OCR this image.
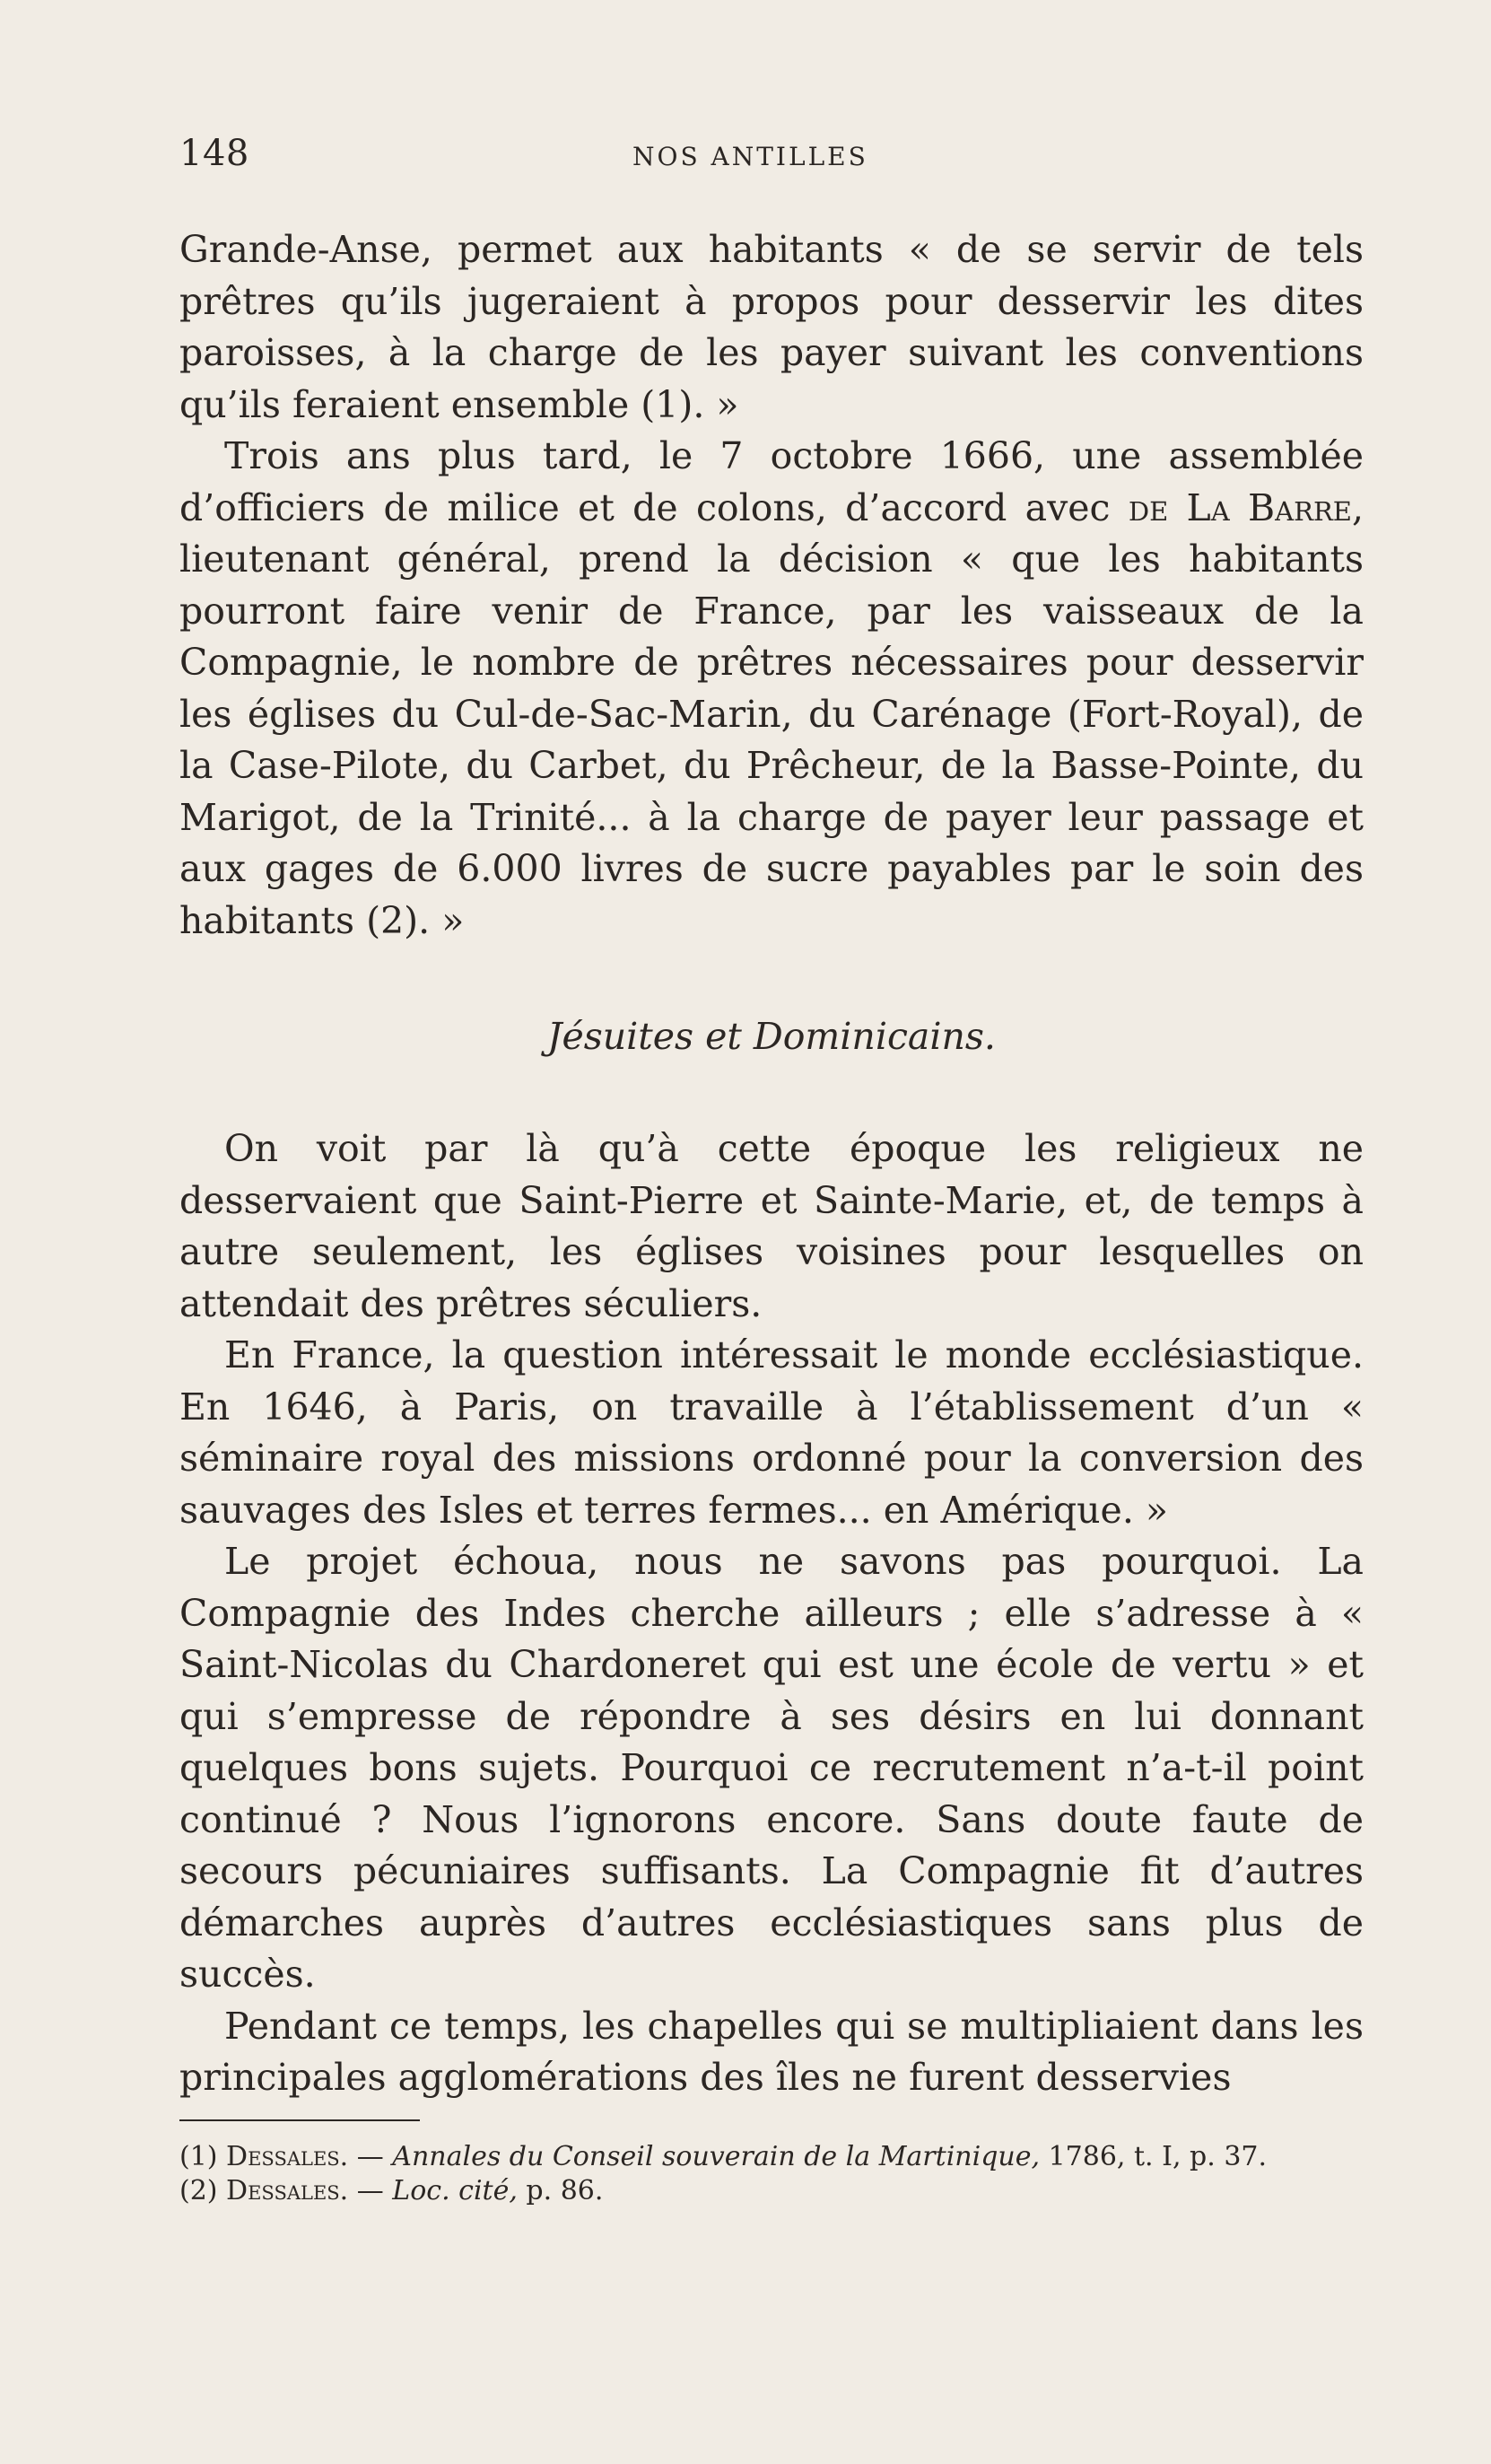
148	NOS ANTILLES

Grande-Anse, permet aux habitants « de se servir de tels prêtres qu’ils jugeraient à propos pour desservir les dites paroisses, à la charge de les payer suivant les conventions qu’ils feraient ensemble (1). »

Trois ans plus tard, le 7 octobre 1666, une assemblée d’officiers de milice et de colons, d’accord avec de La Barre, lieutenant général, prend la décision « que les habitants pourront faire venir de France, par les vaisseaux de la Compagnie, le nombre de prêtres nécessaires pour desservir les églises du Cul-de-Sac-Marin, du Carénage (Fort-Royal), de la Case-Pilote, du Carbet, du Prêcheur, de la Basse-Pointe, du Marigot, de la Trinité... à la charge de payer leur passage et aux gages de 6.000 livres de sucre payables par le soin des habitants (2). »

Jésuites et Dominicains.

On voit par là qu’à cette époque les religieux ne desservaient que Saint-Pierre et Sainte-Marie, et, de temps à autre seulement, les églises voisines pour lesquelles on attendait des prêtres séculiers.

En France, la question intéressait le monde ecclésiastique. En 1646, à Paris, on travaille à l’établissement d’un « séminaire royal des missions ordonné pour la conversion des sauvages des Isles et terres fermes... en Amérique. »

Le projet échoua, nous ne savons pas pourquoi. La Compagnie des Indes cherche ailleurs ; elle s’adresse à « Saint-Nicolas du Chardoneret qui est une école de vertu » et qui s’empresse de répondre à ses désirs en lui donnant quelques bons sujets. Pourquoi ce recrutement n’a-t-il point continué ? Nous l’ignorons encore. Sans doute faute de secours pécuniaires suffisants. La Compagnie fit d’autres démarches auprès d’autres ecclésiastiques sans plus de succès.

Pendant ce temps, les chapelles qui se multipliaient dans les principales agglomérations des îles ne furent desservies

(1) Dessales. — Annales du Conseil souverain de la Martinique, 1786, t. I, p. 37.

(2) Dessales. — Loc. cité, p. 86.
